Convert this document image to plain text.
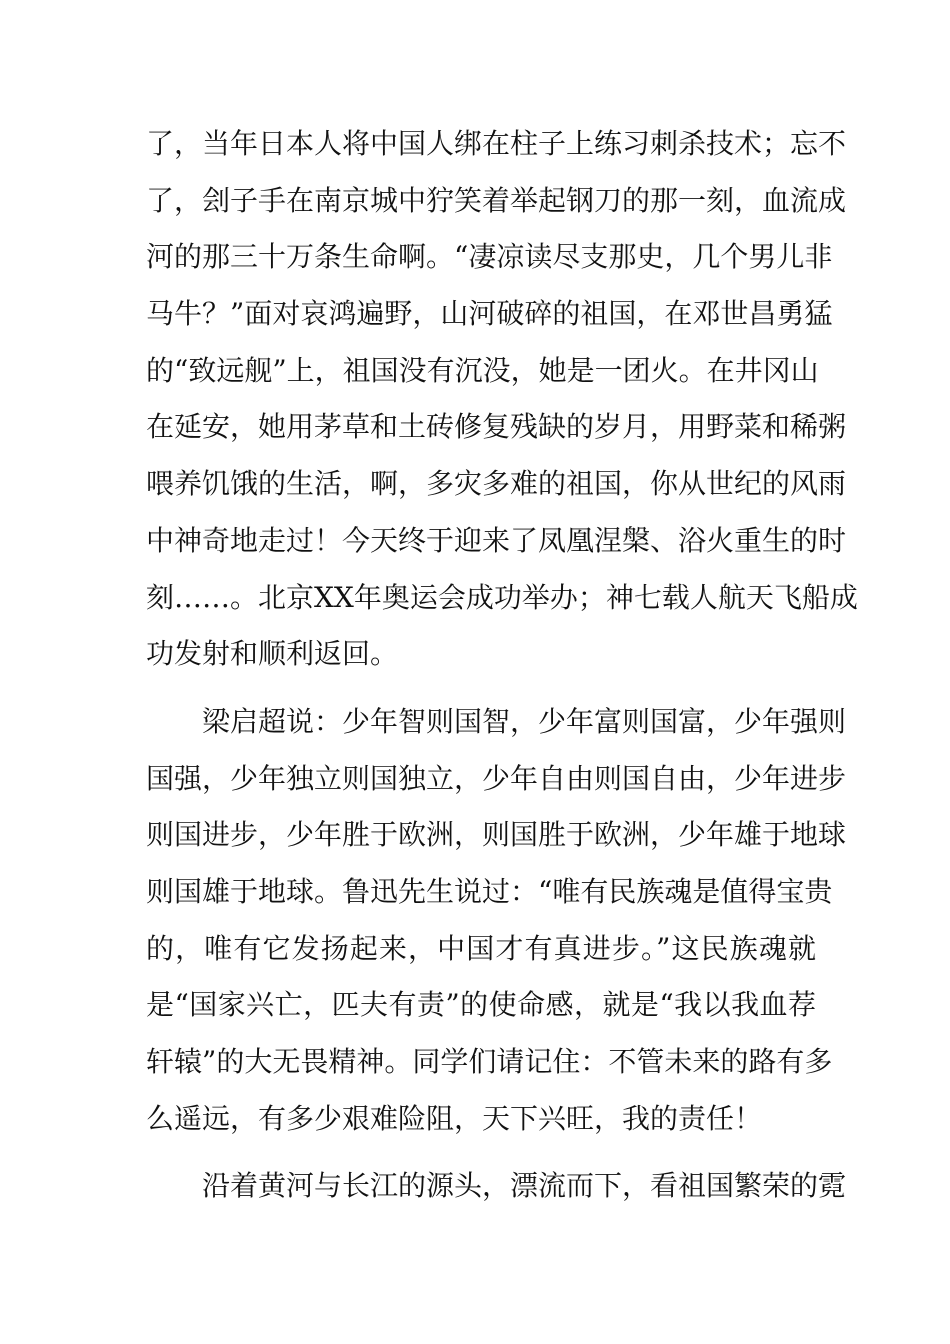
了，当年日本人将中国人绑在柱子上练习刺杀技术；忘不
了，刽子手在南京城中狞笑着举起钢刀的那一刻，血流成
河的那三十万条生命啊。“凄凉读尽支那史，几个男儿非
马牛？”面对哀鸿遍野，山河破碎的祖国，在邓世昌勇猛
的“致远舰”上，祖国没有沉没，她是一团火。在井冈山
在延安，她用茅草和土砖修复残缺的岁月，用野菜和稀粥
喂养饥饿的生活，啊，多灾多难的祖国，你从世纪的风雨
中神奇地走过！今天终于迎来了凤凰涅槃、浴火重生的时
刻……。北京XX年奥运会成功举办；神七载人航天飞船成
功发射和顺利返回。
　　梁启超说：少年智则国智，少年富则国富，少年强则
国强，少年独立则国独立，少年自由则国自由，少年进步
则国进步，少年胜于欧洲，则国胜于欧洲，少年雄于地球
则国雄于地球。鲁迅先生说过：“唯有民族魂是值得宝贵
的，唯有它发扬起来，中国才有真进步。”这民族魂就
是“国家兴亡，匹夫有责”的使命感，就是“我以我血荐
轩辕”的大无畏精神。同学们请记住：不管未来的路有多
么遥远，有多少艰难险阻，天下兴旺，我的责任！
　　沿着黄河与长江的源头，漂流而下，看祖国繁荣的霓
